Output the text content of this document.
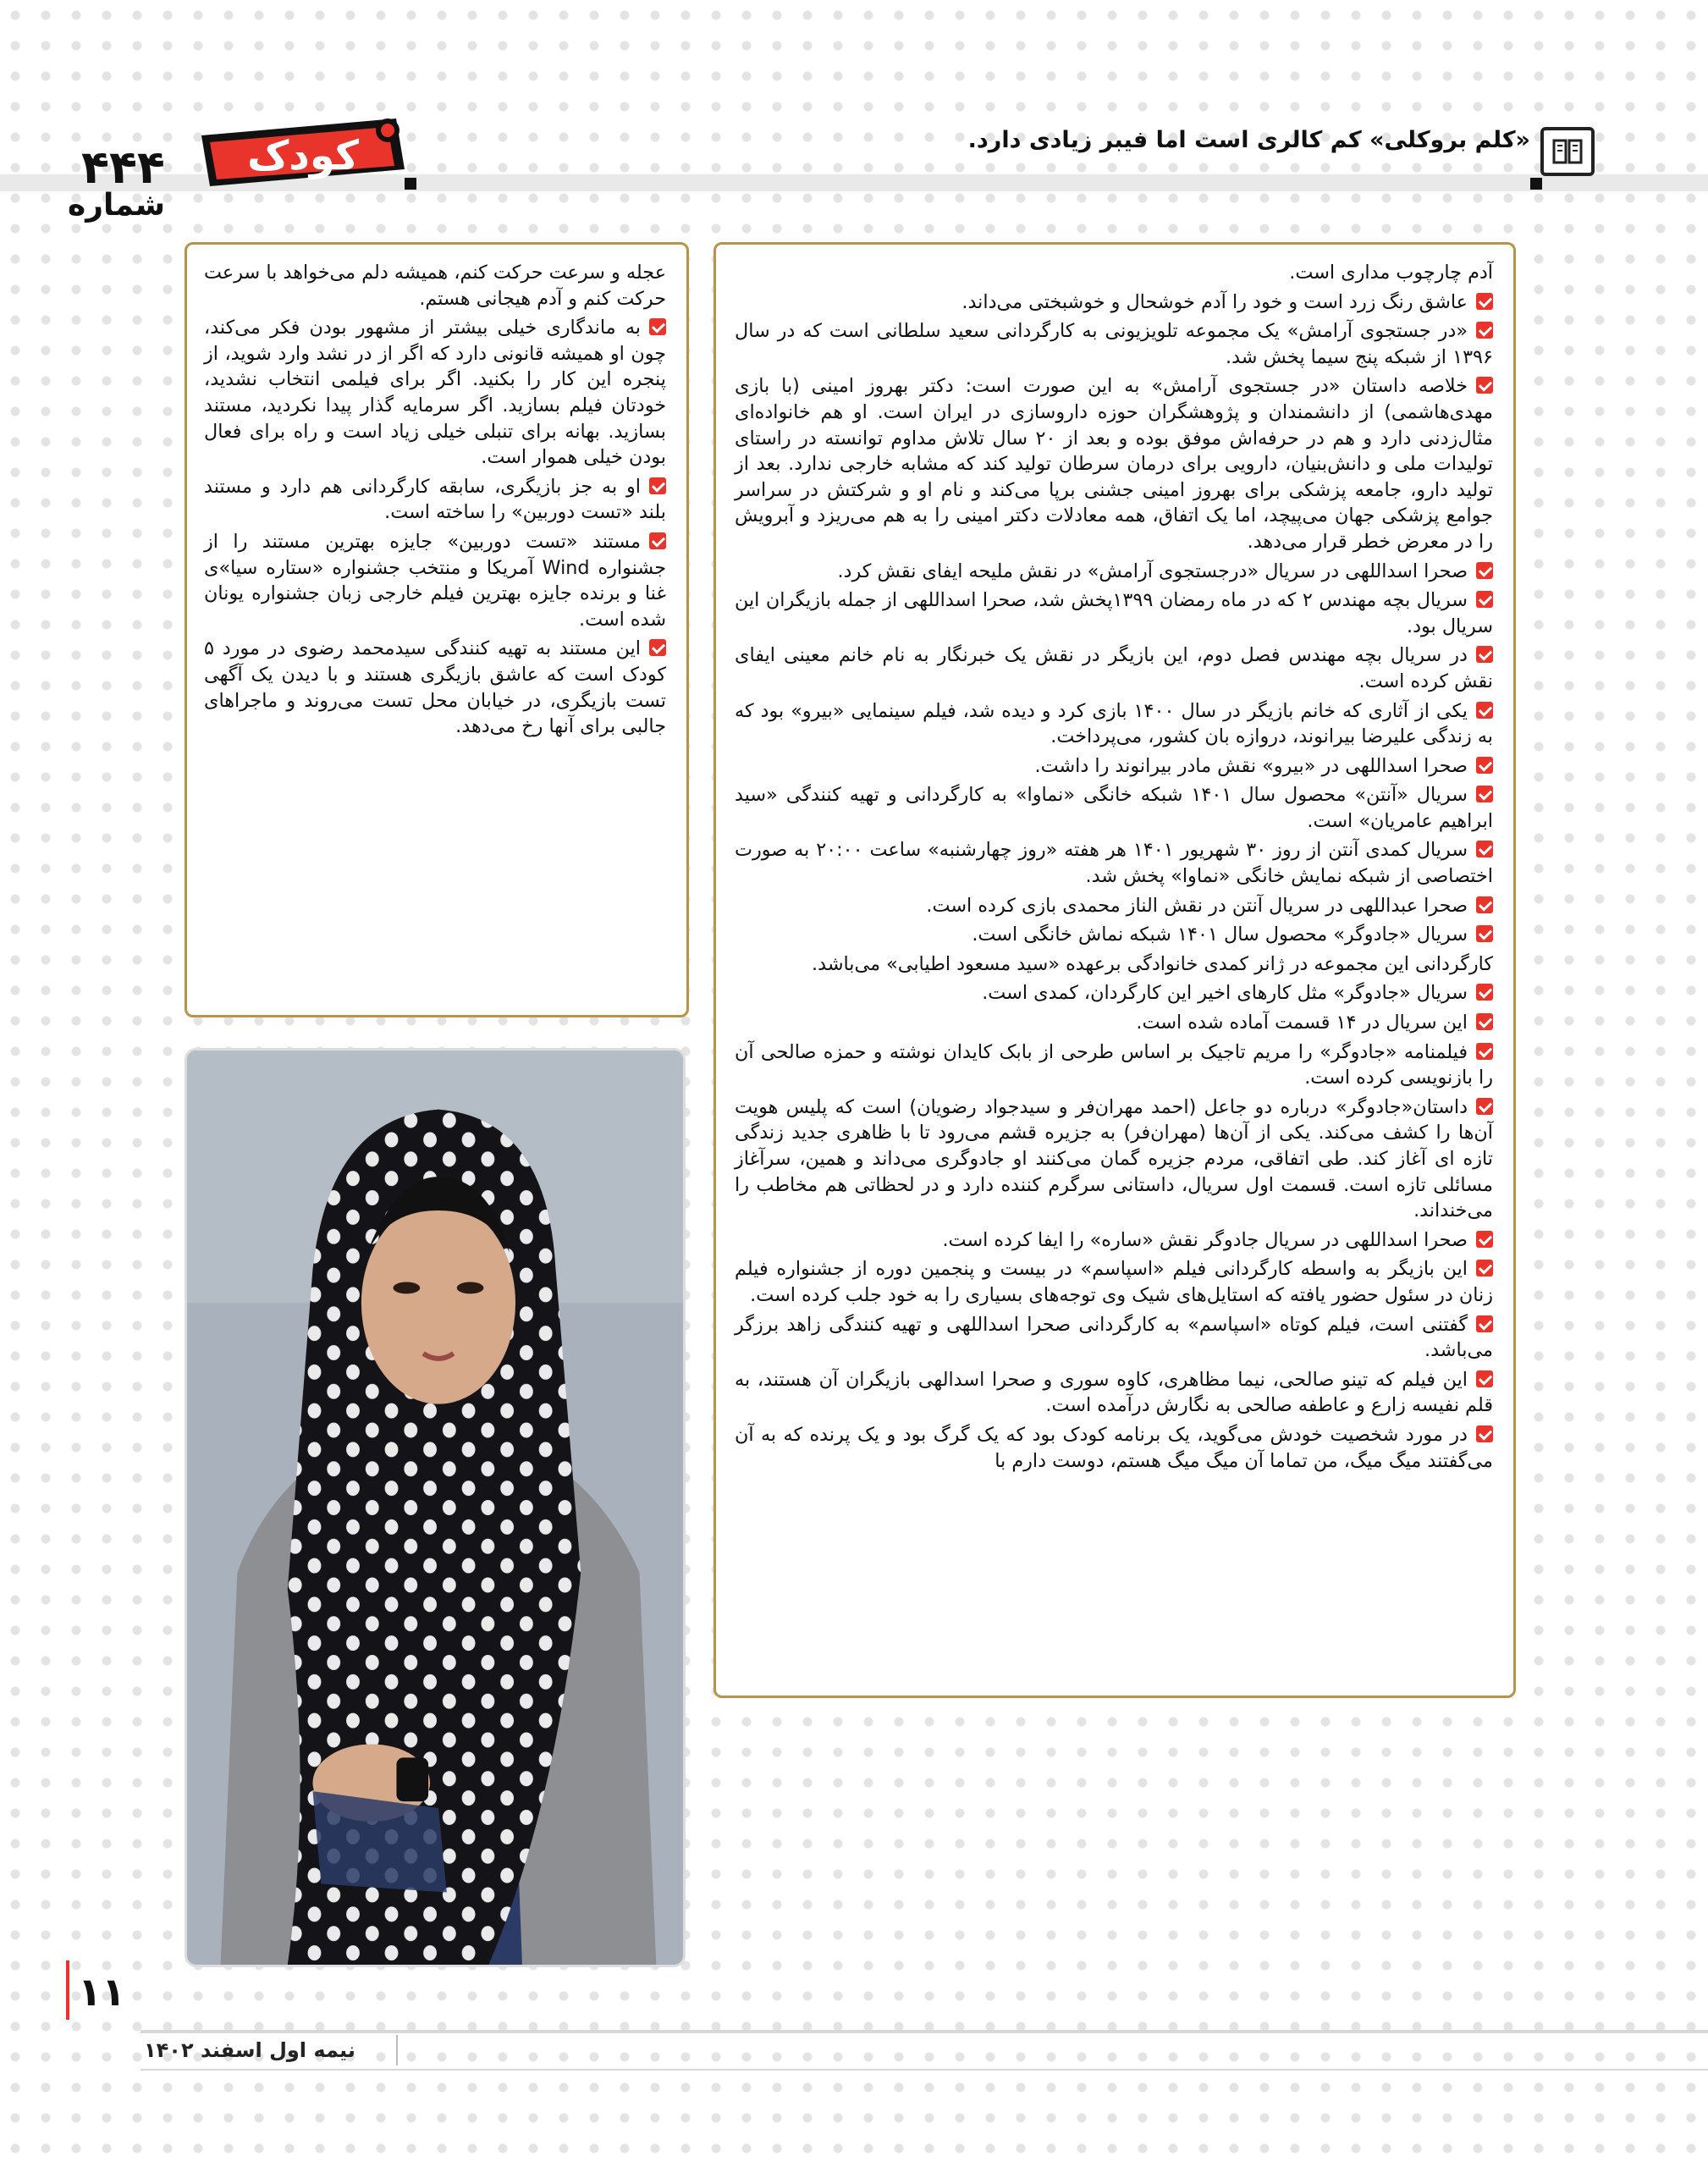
«کلم بروکلی» کم کالری است اما فیبر زیادی دارد.
کودک
۴۴۴
شماره

آدم چارچوب مداری است.

عاشق رنگ زرد است و خود را آدم خوشحال و خوشبختی می‌داند.

«در جستجوی آرامش» یک مجموعه تلویزیونی به کارگردانی سعید سلطانی است که در سال ۱۳۹۶ از شبکه پنج سیما پخش شد.

خلاصه داستان «در جستجوی آرامش» به این صورت است: دکتر بهروز امینی (با بازی مهدی‌هاشمی) از دانشمندان و پژوهشگران حوزه داروسازی در ایران است. او هم خانواده‌ای مثال‌زدنی دارد و هم در حرفه‌اش موفق بوده و بعد از ۲۰ سال تلاش مداوم توانسته در راستای تولیدات ملی و دانش‌بنیان، دارویی برای درمان سرطان تولید کند که مشابه خارجی ندارد. بعد از تولید دارو، جامعه پزشکی برای بهروز امینی جشنی برپا می‌کند و نام او و شرکتش در سراسر جوامع پزشکی جهان می‌پیچد، اما یک اتفاق، همه معادلات دکتر امینی را به هم می‌ریزد و آبرویش را در معرض خطر قرار می‌دهد.

صحرا اسداللهی در سریال «درجستجوی آرامش» در نقش ملیحه ایفای نقش کرد.

سریال بچه مهندس ۲ که در ماه رمضان ۱۳۹۹پخش شد، صحرا اسداللهی از جمله بازیگران این سریال بود.

در سریال بچه مهندس فصل دوم، این بازیگر در نقش یک خبرنگار به نام خانم معینی ایفای نقش کرده است.

یکی از آثاری که خانم بازیگر در سال ۱۴۰۰ بازی کرد و دیده شد، فیلم سینمایی «بیرو» بود که به زندگی علیرضا بیرانوند، دروازه بان کشور، می‌پرداخت.

صحرا اسداللهی در «بیرو» نقش مادر بیرانوند را داشت.

سریال «آنتن» محصول سال ۱۴۰۱ شبکه خانگی «نماوا» به کارگردانی و تهیه کنندگی «سید ابراهیم عامریان» است.

سریال کمدی آنتن از روز ۳۰ شهریور ۱۴۰۱ هر هفته «روز چهارشنبه» ساعت ۲۰:۰۰ به صورت اختصاصی از شبکه نمایش خانگی «نماوا» پخش شد.

صحرا عبداللهی در سریال آنتن در نقش الناز محمدی بازی کرده است.

سریال «جادوگر» محصول سال ۱۴۰۱ شبکه نماش خانگی است.

کارگردانی این مجموعه در ژانر کمدی خانوادگی برعهده «سید مسعود اطیابی» می‌باشد.

سریال «جادوگر» مثل کارهای اخیر این کارگردان، کمدی است.

این سریال در ۱۴ قسمت آماده شده است.

فیلمنامه «جادوگر» را مریم تاجیک بر اساس طرحی از بابک کایدان نوشته و حمزه صالحی آن را بازنویسی کرده است.

داستان«جادوگر» درباره دو جاعل (احمد مهران‌فر و سیدجواد رضویان) است که پلیس هویت آن‌ها را کشف می‌کند. یکی از آن‌ها (مهران‌فر) به جزیره قشم می‌رود تا با ظاهری جدید زندگی تازه ای آغاز کند. طی اتفاقی، مردم جزیره گمان می‌کنند او جادوگری می‌داند و همین، سرآغاز مسائلی تازه است. قسمت اول سریال، داستانی سرگرم کننده دارد و در لحظاتی هم مخاطب را می‌خنداند.

صحرا اسداللهی در سریال جادوگر نقش «ساره» را ایفا کرده است.

این بازیگر به واسطه کارگردانی فیلم «اسپاسم» در بیست و پنجمین دوره از جشنواره فیلم زنان در سئول حضور یافته که استایل‌های شیک وی توجه‌های بسیاری را به خود جلب کرده است.

گفتنی است، فیلم کوتاه «اسپاسم» به کارگردانی صحرا اسداللهی و تهیه کنندگی زاهد برزگر می‌باشد.

این فیلم که تینو صالحی، نیما مظاهری، کاوه سوری و صحرا اسدالهی بازیگران آن هستند، به قلم نفیسه زارع و عاطفه صالحی به نگارش درآمده است.

در مورد شخصیت خودش می‌گوید، یک برنامه کودک بود که یک گرگ بود و یک پرنده که به آن می‌گفتند میگ میگ، من تماما آن میگ میگ هستم، دوست دارم با

عجله و سرعت حرکت کنم، همیشه دلم می‌خواهد با سرعت حرکت کنم و آدم هیجانی هستم.

به ماندگاری خیلی بیشتر از مشهور بودن فکر می‌کند، چون او همیشه قانونی دارد که اگر از در نشد وارد شوید، از پنجره این کار را بکنید. اگر برای فیلمی انتخاب نشدید، خودتان فیلم بسازید. اگر سرمایه گذار پیدا نکردید، مستند بسازید. بهانه برای تنبلی خیلی زیاد است و راه برای فعال بودن خیلی هموار است.

او به جز بازیگری، سابقه کارگردانی هم دارد و مستند بلند «تست دوربین» را ساخته است.

مستند «تست دوربین» جایزه بهترین مستند را از جشنواره Wind آمریکا و منتخب جشنواره «ستاره سیا»ی غنا و برنده جایزه بهترین فیلم خارجی زبان جشنواره یونان شده است.

این مستند به تهیه کنندگی سیدمحمد رضوی در مورد ۵ کودک است که عاشق بازیگری هستند و با دیدن یک آگهی تست بازیگری، در خیابان محل تست می‌روند و ماجراهای جالبی برای آنها رخ می‌دهد.

۱۱
نیمه اول اسفند ۱۴۰۲
